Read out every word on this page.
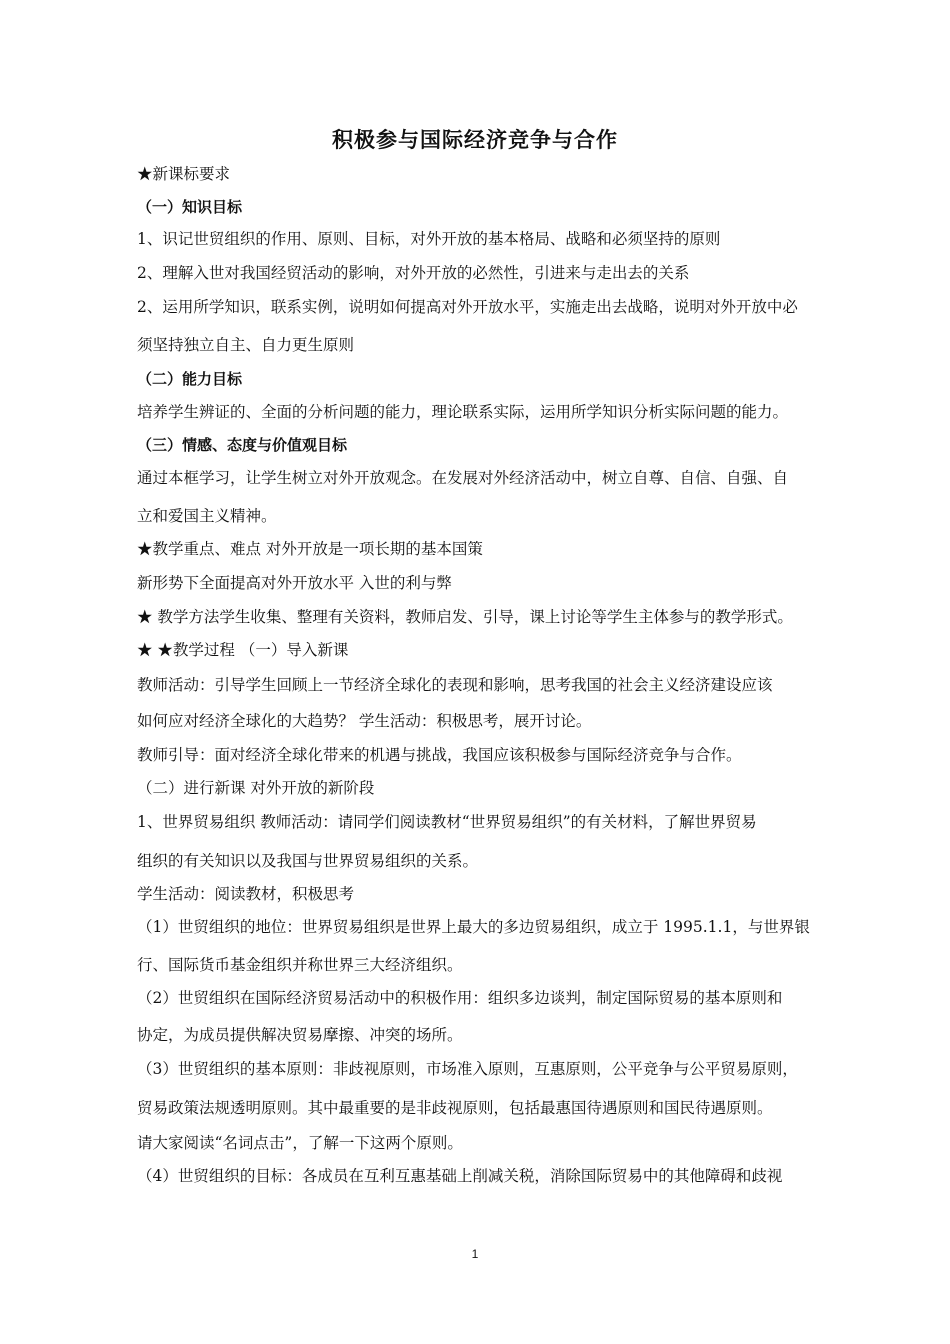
积极参与国际经济竞争与合作
★新课标要求
（一）知识目标
1、识记世贸组织的作用、原则、目标，对外开放的基本格局、战略和必须坚持的原则
2、理解入世对我国经贸活动的影响，对外开放的必然性，引进来与走出去的关系
2、运用所学知识，联系实例，说明如何提高对外开放水平，实施走出去战略，说明对外开放中必
须坚持独立自主、自力更生原则
（二）能力目标
培养学生辨证的、全面的分析问题的能力，理论联系实际，运用所学知识分析实际问题的能力。
（三）情感、态度与价值观目标
通过本框学习，让学生树立对外开放观念。在发展对外经济活动中，树立自尊、自信、自强、自
立和爱国主义精神。
★教学重点、难点 对外开放是一项长期的基本国策
新形势下全面提高对外开放水平 入世的利与弊
★ 教学方法学生收集、整理有关资料，教师启发、引导，课上讨论等学生主体参与的教学形式。
★ ★教学过程 （一）导入新课
教师活动：引导学生回顾上一节经济全球化的表现和影响，思考我国的社会主义经济建设应该
如何应对经济全球化的大趋势？ 学生活动：积极思考，展开讨论。
教师引导：面对经济全球化带来的机遇与挑战，我国应该积极参与国际经济竞争与合作。
（二）进行新课 对外开放的新阶段
1、世界贸易组织 教师活动：请同学们阅读教材“世界贸易组织”的有关材料，了解世界贸易
组织的有关知识以及我国与世界贸易组织的关系。
学生活动：阅读教材，积极思考
（1）世贸组织的地位：世界贸易组织是世界上最大的多边贸易组织，成立于 1995.1.1，与世界银
行、国际货币基金组织并称世界三大经济组织。
（2）世贸组织在国际经济贸易活动中的积极作用：组织多边谈判，制定国际贸易的基本原则和
协定，为成员提供解决贸易摩擦、冲突的场所。
（3）世贸组织的基本原则：非歧视原则，市场准入原则，互惠原则，公平竞争与公平贸易原则，
贸易政策法规透明原则。其中最重要的是非歧视原则，包括最惠国待遇原则和国民待遇原则。
请大家阅读“名词点击”，了解一下这两个原则。
（4）世贸组织的目标：各成员在互利互惠基础上削减关税，消除国际贸易中的其他障碍和歧视
1
